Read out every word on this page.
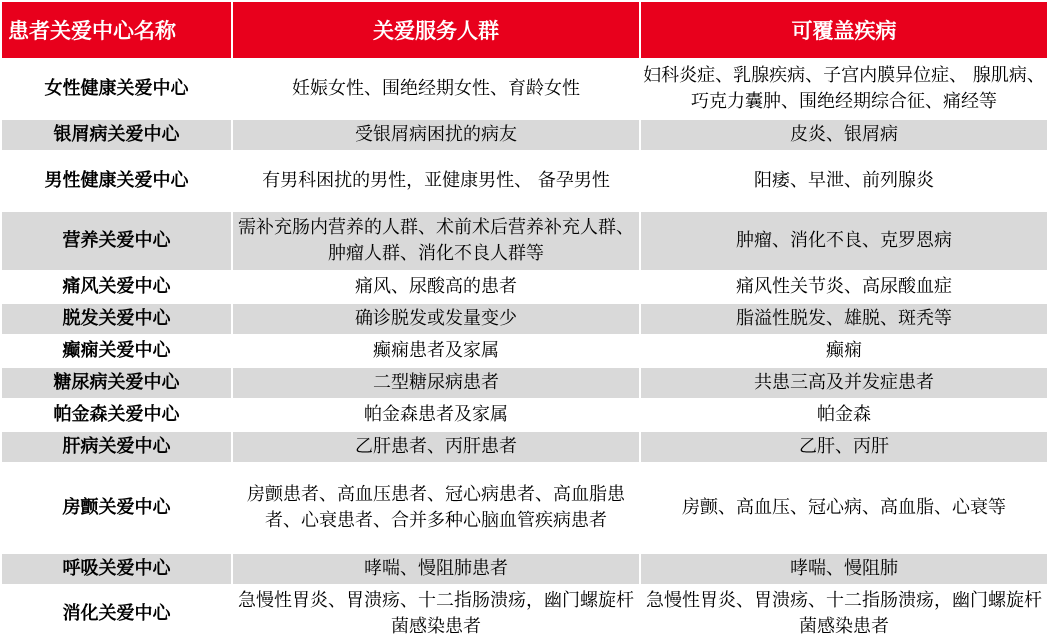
患者关爱中心名称	关爱服务人群	可覆盖疾病
女性健康关爱中心	妊娠女性、围绝经期女性、育龄女性	妇科炎症、乳腺疾病、子宫内膜异位症、 腺肌病、巧克力囊肿、围绝经期综合征、痛经等
银屑病关爱中心	受银屑病困扰的病友	皮炎、银屑病
男性健康关爱中心	有男科困扰的男性，亚健康男性、 备孕男性	阳痿、早泄、前列腺炎
营养关爱中心	需补充肠内营养的人群、术前术后营养补充人群、肿瘤人群、消化不良人群等	肿瘤、消化不良、克罗恩病
痛风关爱中心	痛风、尿酸高的患者	痛风性关节炎、高尿酸血症
脱发关爱中心	确诊脱发或发量变少	脂溢性脱发、雄脱、斑秃等
癫痫关爱中心	癫痫患者及家属	癫痫
糖尿病关爱中心	二型糖尿病患者	共患三高及并发症患者
帕金森关爱中心	帕金森患者及家属	帕金森
肝病关爱中心	乙肝患者、丙肝患者	乙肝、丙肝
房颤关爱中心	房颤患者、高血压患者、冠心病患者、高血脂患者、心衰患者、合并多种心脑血管疾病患者	房颤、高血压、冠心病、高血脂、心衰等
呼吸关爱中心	哮喘、慢阻肺患者	哮喘、慢阻肺
消化关爱中心	急慢性胃炎、胃溃疡、十二指肠溃疡，幽门螺旋杆菌感染患者	急慢性胃炎、胃溃疡、十二指肠溃疡，幽门螺旋杆菌感染患者
